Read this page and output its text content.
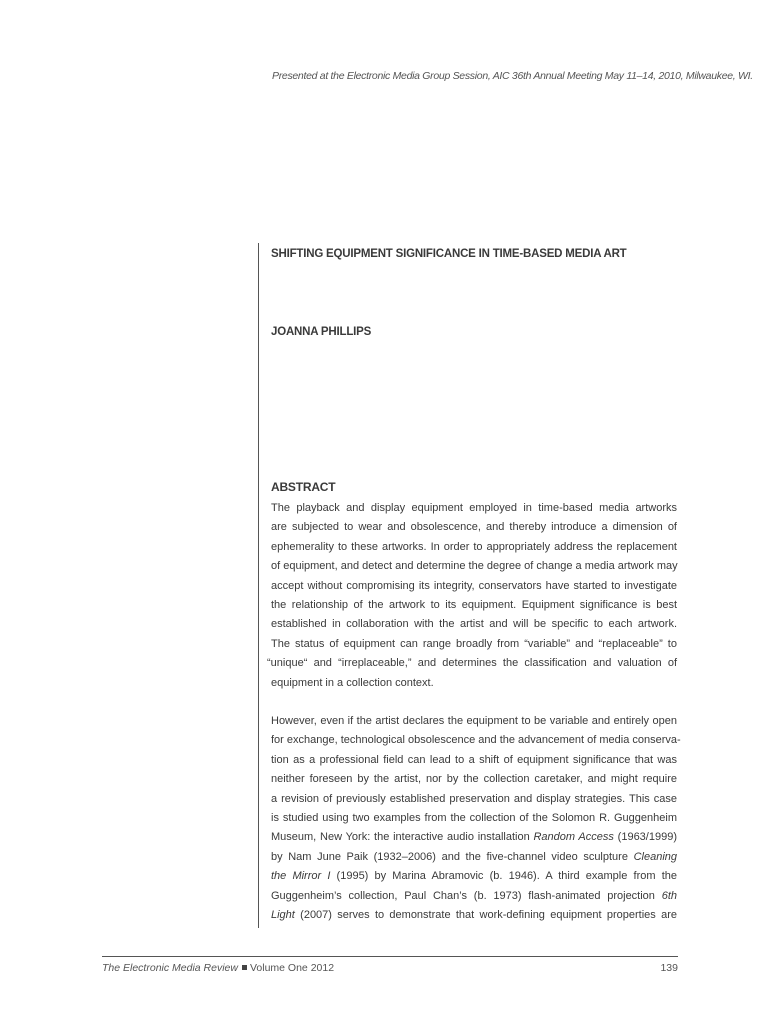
Presented at the Electronic Media Group Session, AIC 36th Annual Meeting May 11–14, 2010, Milwaukee, WI.
SHIFTING EQUIPMENT SIGNIFICANCE IN TIME-BASED MEDIA ART
JOANNA PHILLIPS
ABSTRACT
The playback and display equipment employed in time-based media artworks
are subjected to wear and obsolescence, and thereby introduce a dimension of
ephemerality to these artworks. In order to appropriately address the replacement
of equipment, and detect and determine the degree of change a media artwork may
accept without compromising its integrity, conservators have started to investigate
the relationship of the artwork to its equipment. Equipment significance is best
established in collaboration with the artist and will be specific to each artwork.
The status of equipment can range broadly from “variable” and “replaceable” to
“unique“ and “irreplaceable,” and determines the classification and valuation of
equipment in a collection context.
However, even if the artist declares the equipment to be variable and entirely open
for exchange, technological obsolescence and the advancement of media conserva-
tion as a professional field can lead to a shift of equipment significance that was
neither foreseen by the artist, nor by the collection caretaker, and might require
a revision of previously established preservation and display strategies. This case
is studied using two examples from the collection of the Solomon R. Guggenheim
Museum, New York: the interactive audio installation Random Access (1963/1999)
by Nam June Paik (1932–2006) and the five-channel video sculpture Cleaning
the Mirror I (1995) by Marina Abramovic (b. 1946). A third example from the
Guggenheim’s collection, Paul Chan’s (b. 1973) flash-animated projection 6th
Light (2007) serves to demonstrate that work-defining equipment properties are
The Electronic Media Review Volume One 2012	139
